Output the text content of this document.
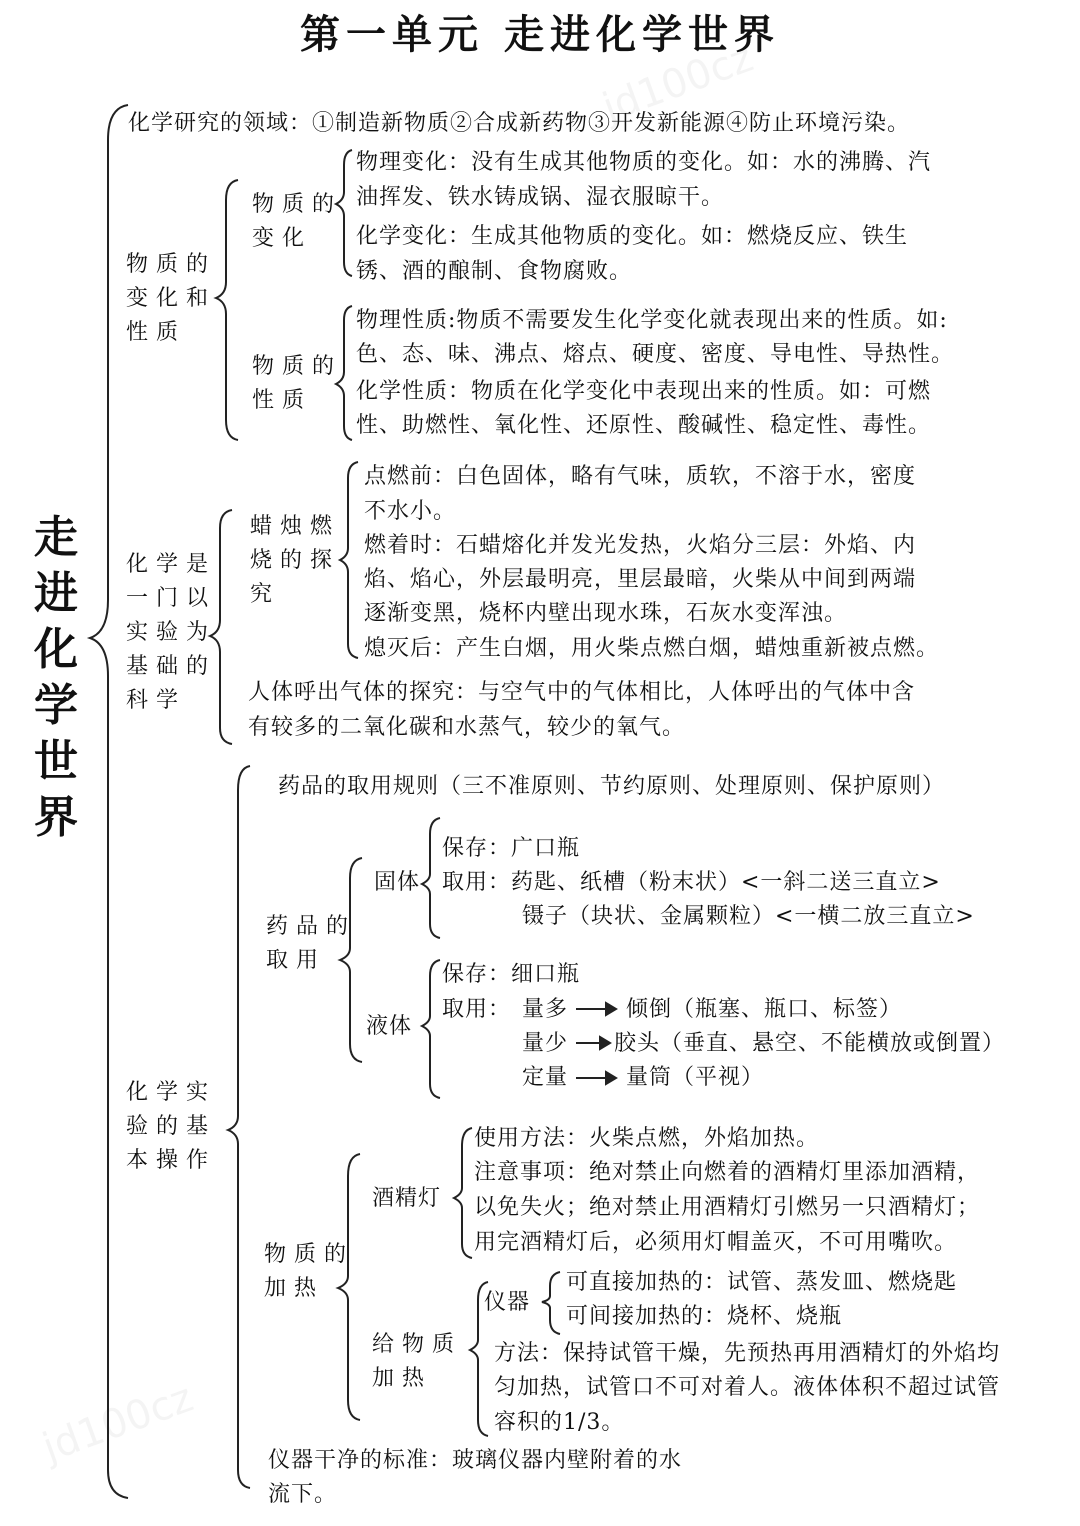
第一单元 走进化学世界
走进化学世界
化学研究的领域：①制造新物质②合成新药物③开发新能源④防止环境污染。
物质的变化和性质
物质的变化
物理变化：没有生成其他物质的变化。如：水的沸腾、汽
油挥发、铁水铸成锅、湿衣服晾干。
化学变化：生成其他物质的变化。如：燃烧反应、铁生
锈、酒的酿制、食物腐败。
物质的性质
物理性质:物质不需要发生化学变化就表现出来的性质。如:
色、态、味、沸点、熔点、硬度、密度、导电性、导热性。
化学性质：物质在化学变化中表现出来的性质。如：可燃
性、助燃性、氧化性、还原性、酸碱性、稳定性、毒性。
化学是一门以实验为基础的科学
蜡烛燃烧的探究
点燃前：白色固体，略有气味，质软，不溶于水，密度
不水小。
燃着时：石蜡熔化并发光发热，火焰分三层：外焰、内
焰、焰心，外层最明亮，里层最暗，火柴从中间到两端
逐渐变黑，烧杯内壁出现水珠，石灰水变浑浊。
熄灭后：产生白烟，用火柴点燃白烟，蜡烛重新被点燃。
人体呼出气体的探究：与空气中的气体相比，人体呼出的气体中含
有较多的二氧化碳和水蒸气，较少的氧气。
化学实验的基本操作
药品的取用规则（三不准原则、节约原则、处理原则、保护原则）
药品的取用
固体
保存：广口瓶
取用：药匙、纸槽（粉末状）<一斜二送三直立>
镊子（块状、金属颗粒）<一横二放三直立>
液体
保存：细口瓶
取用： 量多	倾倒（瓶塞、瓶口、标签）
量少 胶头（垂直、悬空、不能横放或倒置）
定量	量筒（平视）
物质的加热
酒精灯
使用方法：火柴点燃，外焰加热。
注意事项：绝对禁止向燃着的酒精灯里添加酒精，
以免失火；绝对禁止用酒精灯引燃另一只酒精灯；
用完酒精灯后，必须用灯帽盖灭，不可用嘴吹。
给物质加热
仪器
可直接加热的：试管、蒸发皿、燃烧匙
可间接加热的：烧杯、烧瓶
方法：保持试管干燥，先预热再用酒精灯的外焰均
匀加热，试管口不可对着人。液体体积不超过试管
容积的1/3。
仪器干净的标准：玻璃仪器内壁附着的水
流下。
